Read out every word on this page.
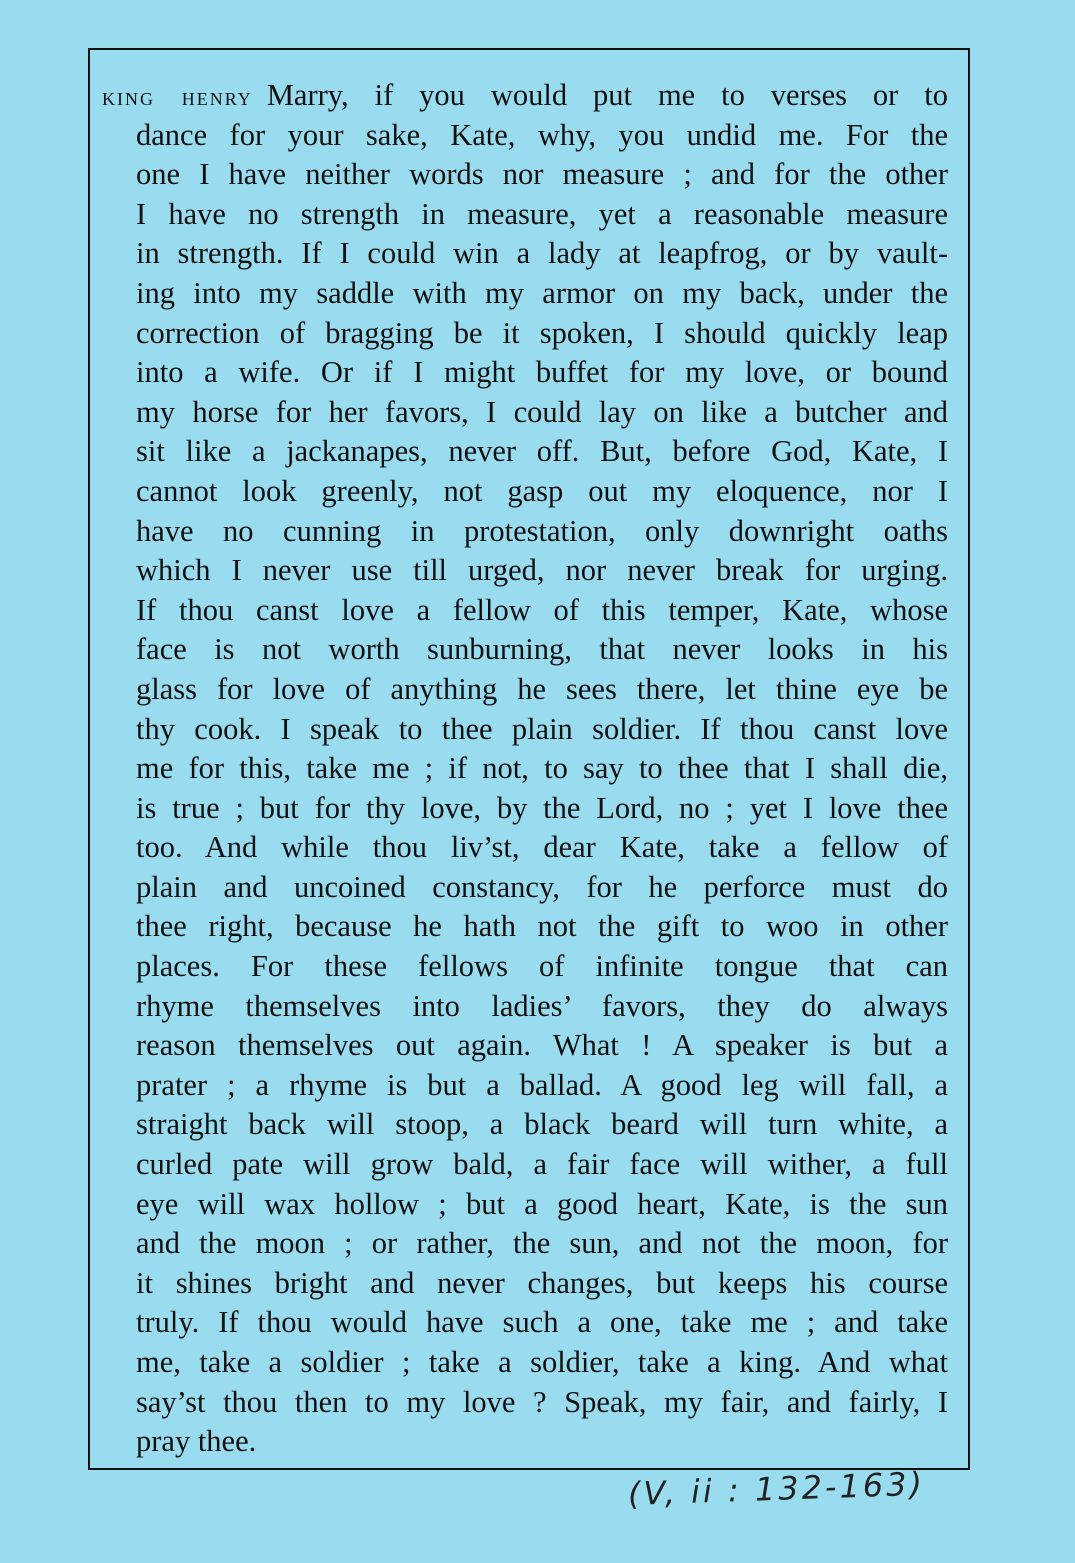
king henry Marry, if you would put me to verses or to
dance for your sake, Kate, why, you undid me. For the
one I have neither words nor measure ; and for the other
I have no strength in measure, yet a reasonable measure
in strength. If I could win a lady at leapfrog, or by vault-
ing into my saddle with my armor on my back, under the
correction of bragging be it spoken, I should quickly leap
into a wife. Or if I might buffet for my love, or bound
my horse for her favors, I could lay on like a butcher and
sit like a jackanapes, never off. But, before God, Kate, I
cannot look greenly, not gasp out my eloquence, nor I
have no cunning in protestation, only downright oaths
which I never use till urged, nor never break for urging.
If thou canst love a fellow of this temper, Kate, whose
face is not worth sunburning, that never looks in his
glass for love of anything he sees there, let thine eye be
thy cook. I speak to thee plain soldier. If thou canst love
me for this, take me ; if not, to say to thee that I shall die,
is true ; but for thy love, by the Lord, no ; yet I love thee
too. And while thou liv’st, dear Kate, take a fellow of
plain and uncoined constancy, for he perforce must do
thee right, because he hath not the gift to woo in other
places. For these fellows of infinite tongue that can
rhyme themselves into ladies’ favors, they do always
reason themselves out again. What ! A speaker is but a
prater ; a rhyme is but a ballad. A good leg will fall, a
straight back will stoop, a black beard will turn white, a
curled pate will grow bald, a fair face will wither, a full
eye will wax hollow ; but a good heart, Kate, is the sun
and the moon ; or rather, the sun, and not the moon, for
it shines bright and never changes, but keeps his course
truly. If thou would have such a one, take me ; and take
me, take a soldier ; take a soldier, take a king. And what
say’st thou then to my love ? Speak, my fair, and fairly, I
pray thee.
(V, ii : 132-163)
